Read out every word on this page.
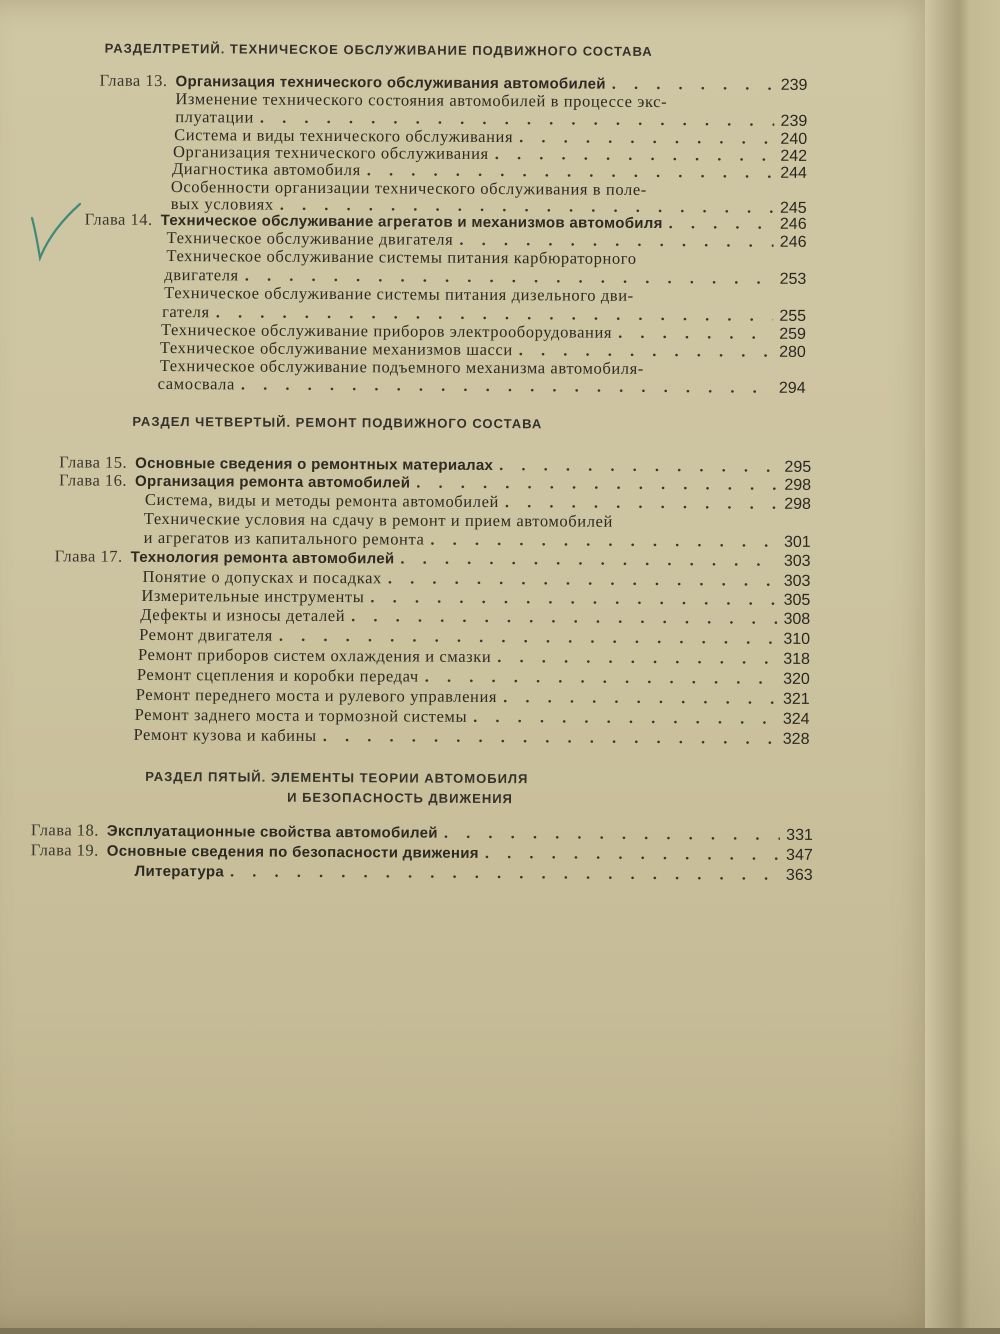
РАЗДЕЛТРЕТИЙ. ТЕХНИЧЕСКОЕ ОБСЛУЖИВАНИЕ ПОДВИЖНОГО СОСТАВА
Глава 13. Организация технического обслуживания автомобилей . . .	239
Изменение технического состояния автомобилей в процессе экс-
плуатации . . .	239
Система и виды технического обслуживания . . .	240
Организация технического обслуживания . . .	242
Диагностика автомобиля . . .	244
Особенности организации технического обслуживания в поле-
вых условиях . . .	245
Глава 14. Техническое обслуживание агрегатов и механизмов автомобиля . . .	246
Техническое обслуживание двигателя . . .	246
Техническое обслуживание системы питания карбюраторного
двигателя . . .	253
Техническое обслуживание системы питания дизельного дви-
гателя . . .	255
Техническое обслуживание приборов электрооборудования . . .	259
Техническое обслуживание механизмов шасси . . .	280
Техническое обслуживание подъемного механизма автомобиля-
самосвала . . .	294
РАЗДЕЛ ЧЕТВЕРТЫЙ. РЕМОНТ ПОДВИЖНОГО СОСТАВА
Глава 15. Основные сведения о ремонтных материалах . . .	295
Глава 16. Организация ремонта автомобилей . . .	298
Система, виды и методы ремонта автомобилей . . .	298
Технические условия на сдачу в ремонт и прием автомобилей
и агрегатов из капитального ремонта . . .	301
Глава 17. Технология ремонта автомобилей . . .	303
Понятие о допусках и посадках . . .	303
Измерительные инструменты . . .	305
Дефекты и износы деталей . . .	308
Ремонт двигателя . . .	310
Ремонт приборов систем охлаждения и смазки . . .	318
Ремонт сцепления и коробки передач . . .	320
Ремонт переднего моста и рулевого управления . . .	321
Ремонт заднего моста и тормозной системы . . .	324
Ремонт кузова и кабины . . .	328
РАЗДЕЛ ПЯТЫЙ. ЭЛЕМЕНТЫ ТЕОРИИ АВТОМОБИЛЯ
И БЕЗОПАСНОСТЬ ДВИЖЕНИЯ
Глава 18. Эксплуатационные свойства автомобилей . . .	331
Глава 19. Основные сведения по безопасности движения . . .	347
Литература . . .	363
